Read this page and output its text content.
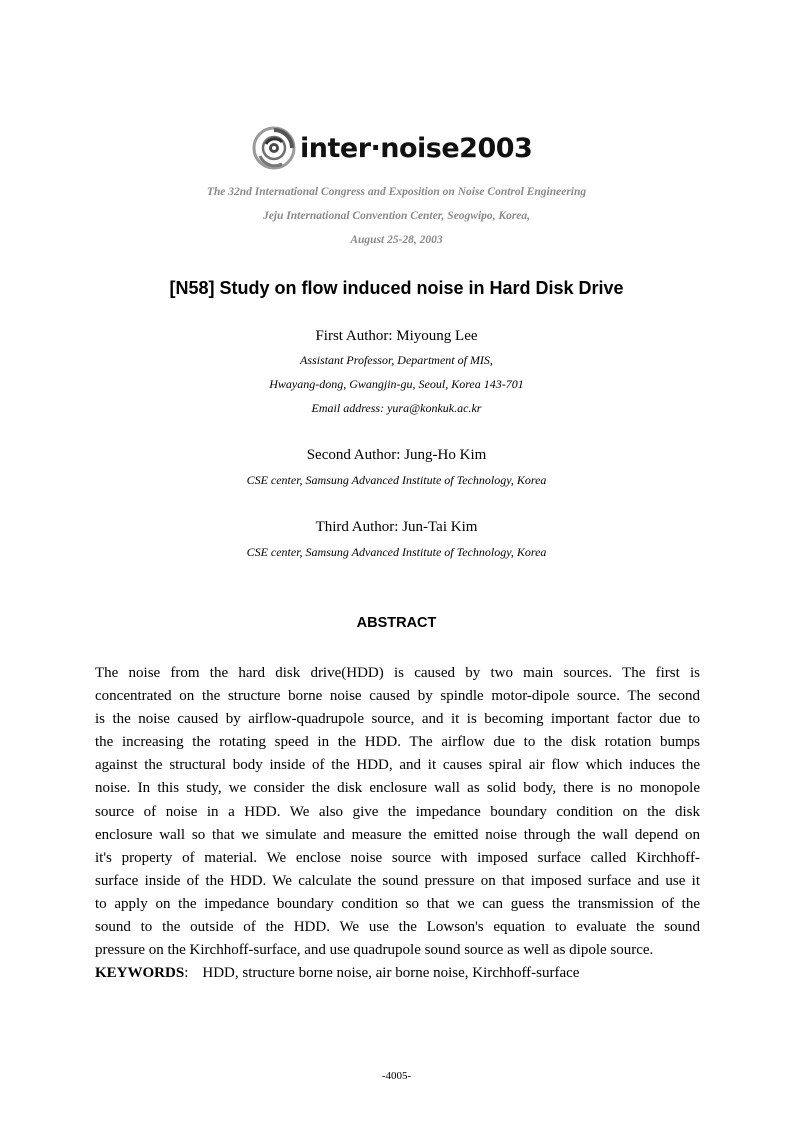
inter·noise2003
The 32nd International Congress and Exposition on Noise Control Engineering
Jeju International Convention Center, Seogwipo, Korea,
August 25-28, 2003
[N58] Study on flow induced noise in Hard Disk Drive
First Author: Miyoung Lee
Assistant Professor, Department of MIS,
Hwayang-dong, Gwangjin-gu, Seoul, Korea 143-701
Email address: yura@konkuk.ac.kr
Second Author: Jung-Ho Kim
CSE center, Samsung Advanced Institute of Technology, Korea
Third Author: Jun-Tai Kim
CSE center, Samsung Advanced Institute of Technology, Korea
ABSTRACT
The noise from the hard disk drive(HDD) is caused by two main sources. The first is
concentrated on the structure borne noise caused by spindle motor-dipole source. The second
is the noise caused by airflow-quadrupole source, and it is becoming important factor due to
the increasing the rotating speed in the HDD. The airflow due to the disk rotation bumps
against the structural body inside of the HDD, and it causes spiral air flow which induces the
noise. In this study, we consider the disk enclosure wall as solid body, there is no monopole
source of noise in a HDD. We also give the impedance boundary condition on the disk
enclosure wall so that we simulate and measure the emitted noise through the wall depend on
it's property of material. We enclose noise source with imposed surface called Kirchhoff-
surface inside of the HDD. We calculate the sound pressure on that imposed surface and use it
to apply on the impedance boundary condition so that we can guess the transmission of the
sound to the outside of the HDD. We use the Lowson's equation to evaluate the sound
pressure on the Kirchhoff-surface, and use quadrupole sound source as well as dipole source.
KEYWORDS: HDD, structure borne noise, air borne noise, Kirchhoff-surface
-4005-
